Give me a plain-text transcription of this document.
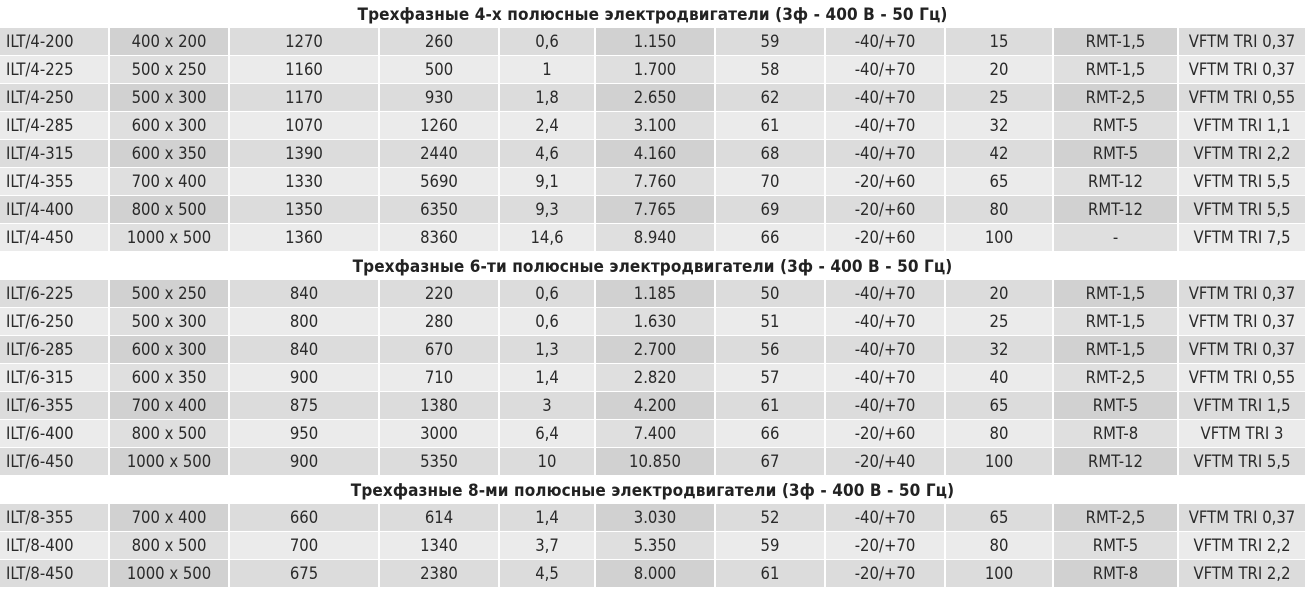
Трехфазные 4-х полюсные электродвигатели (3ф - 400 В - 50 Гц)
ILT/4-200	400 x 200	1270	260	0,6	1.150	59	-40/+70	15	RMT-1,5	VFTM TRI 0,37
ILT/4-225	500 x 250	1160	500	1	1.700	58	-40/+70	20	RMT-1,5	VFTM TRI 0,37
ILT/4-250	500 x 300	1170	930	1,8	2.650	62	-40/+70	25	RMT-2,5	VFTM TRI 0,55
ILT/4-285	600 x 300	1070	1260	2,4	3.100	61	-40/+70	32	RMT-5	VFTM TRI 1,1
ILT/4-315	600 x 350	1390	2440	4,6	4.160	68	-40/+70	42	RMT-5	VFTM TRI 2,2
ILT/4-355	700 x 400	1330	5690	9,1	7.760	70	-20/+60	65	RMT-12	VFTM TRI 5,5
ILT/4-400	800 x 500	1350	6350	9,3	7.765	69	-20/+60	80	RMT-12	VFTM TRI 5,5
ILT/4-450	1000 x 500	1360	8360	14,6	8.940	66	-20/+60	100	-	VFTM TRI 7,5
Трехфазные 6-ти полюсные электродвигатели (3ф - 400 В - 50 Гц)
ILT/6-225	500 x 250	840	220	0,6	1.185	50	-40/+70	20	RMT-1,5	VFTM TRI 0,37
ILT/6-250	500 x 300	800	280	0,6	1.630	51	-40/+70	25	RMT-1,5	VFTM TRI 0,37
ILT/6-285	600 x 300	840	670	1,3	2.700	56	-40/+70	32	RMT-1,5	VFTM TRI 0,37
ILT/6-315	600 x 350	900	710	1,4	2.820	57	-40/+70	40	RMT-2,5	VFTM TRI 0,55
ILT/6-355	700 x 400	875	1380	3	4.200	61	-40/+70	65	RMT-5	VFTM TRI 1,5
ILT/6-400	800 x 500	950	3000	6,4	7.400	66	-20/+60	80	RMT-8	VFTM TRI 3
ILT/6-450	1000 x 500	900	5350	10	10.850	67	-20/+40	100	RMT-12	VFTM TRI 5,5
Трехфазные 8-ми полюсные электродвигатели (3ф - 400 В - 50 Гц)
ILT/8-355	700 x 400	660	614	1,4	3.030	52	-40/+70	65	RMT-2,5	VFTM TRI 0,37
ILT/8-400	800 x 500	700	1340	3,7	5.350	59	-20/+70	80	RMT-5	VFTM TRI 2,2
ILT/8-450	1000 x 500	675	2380	4,5	8.000	61	-20/+70	100	RMT-8	VFTM TRI 2,2
